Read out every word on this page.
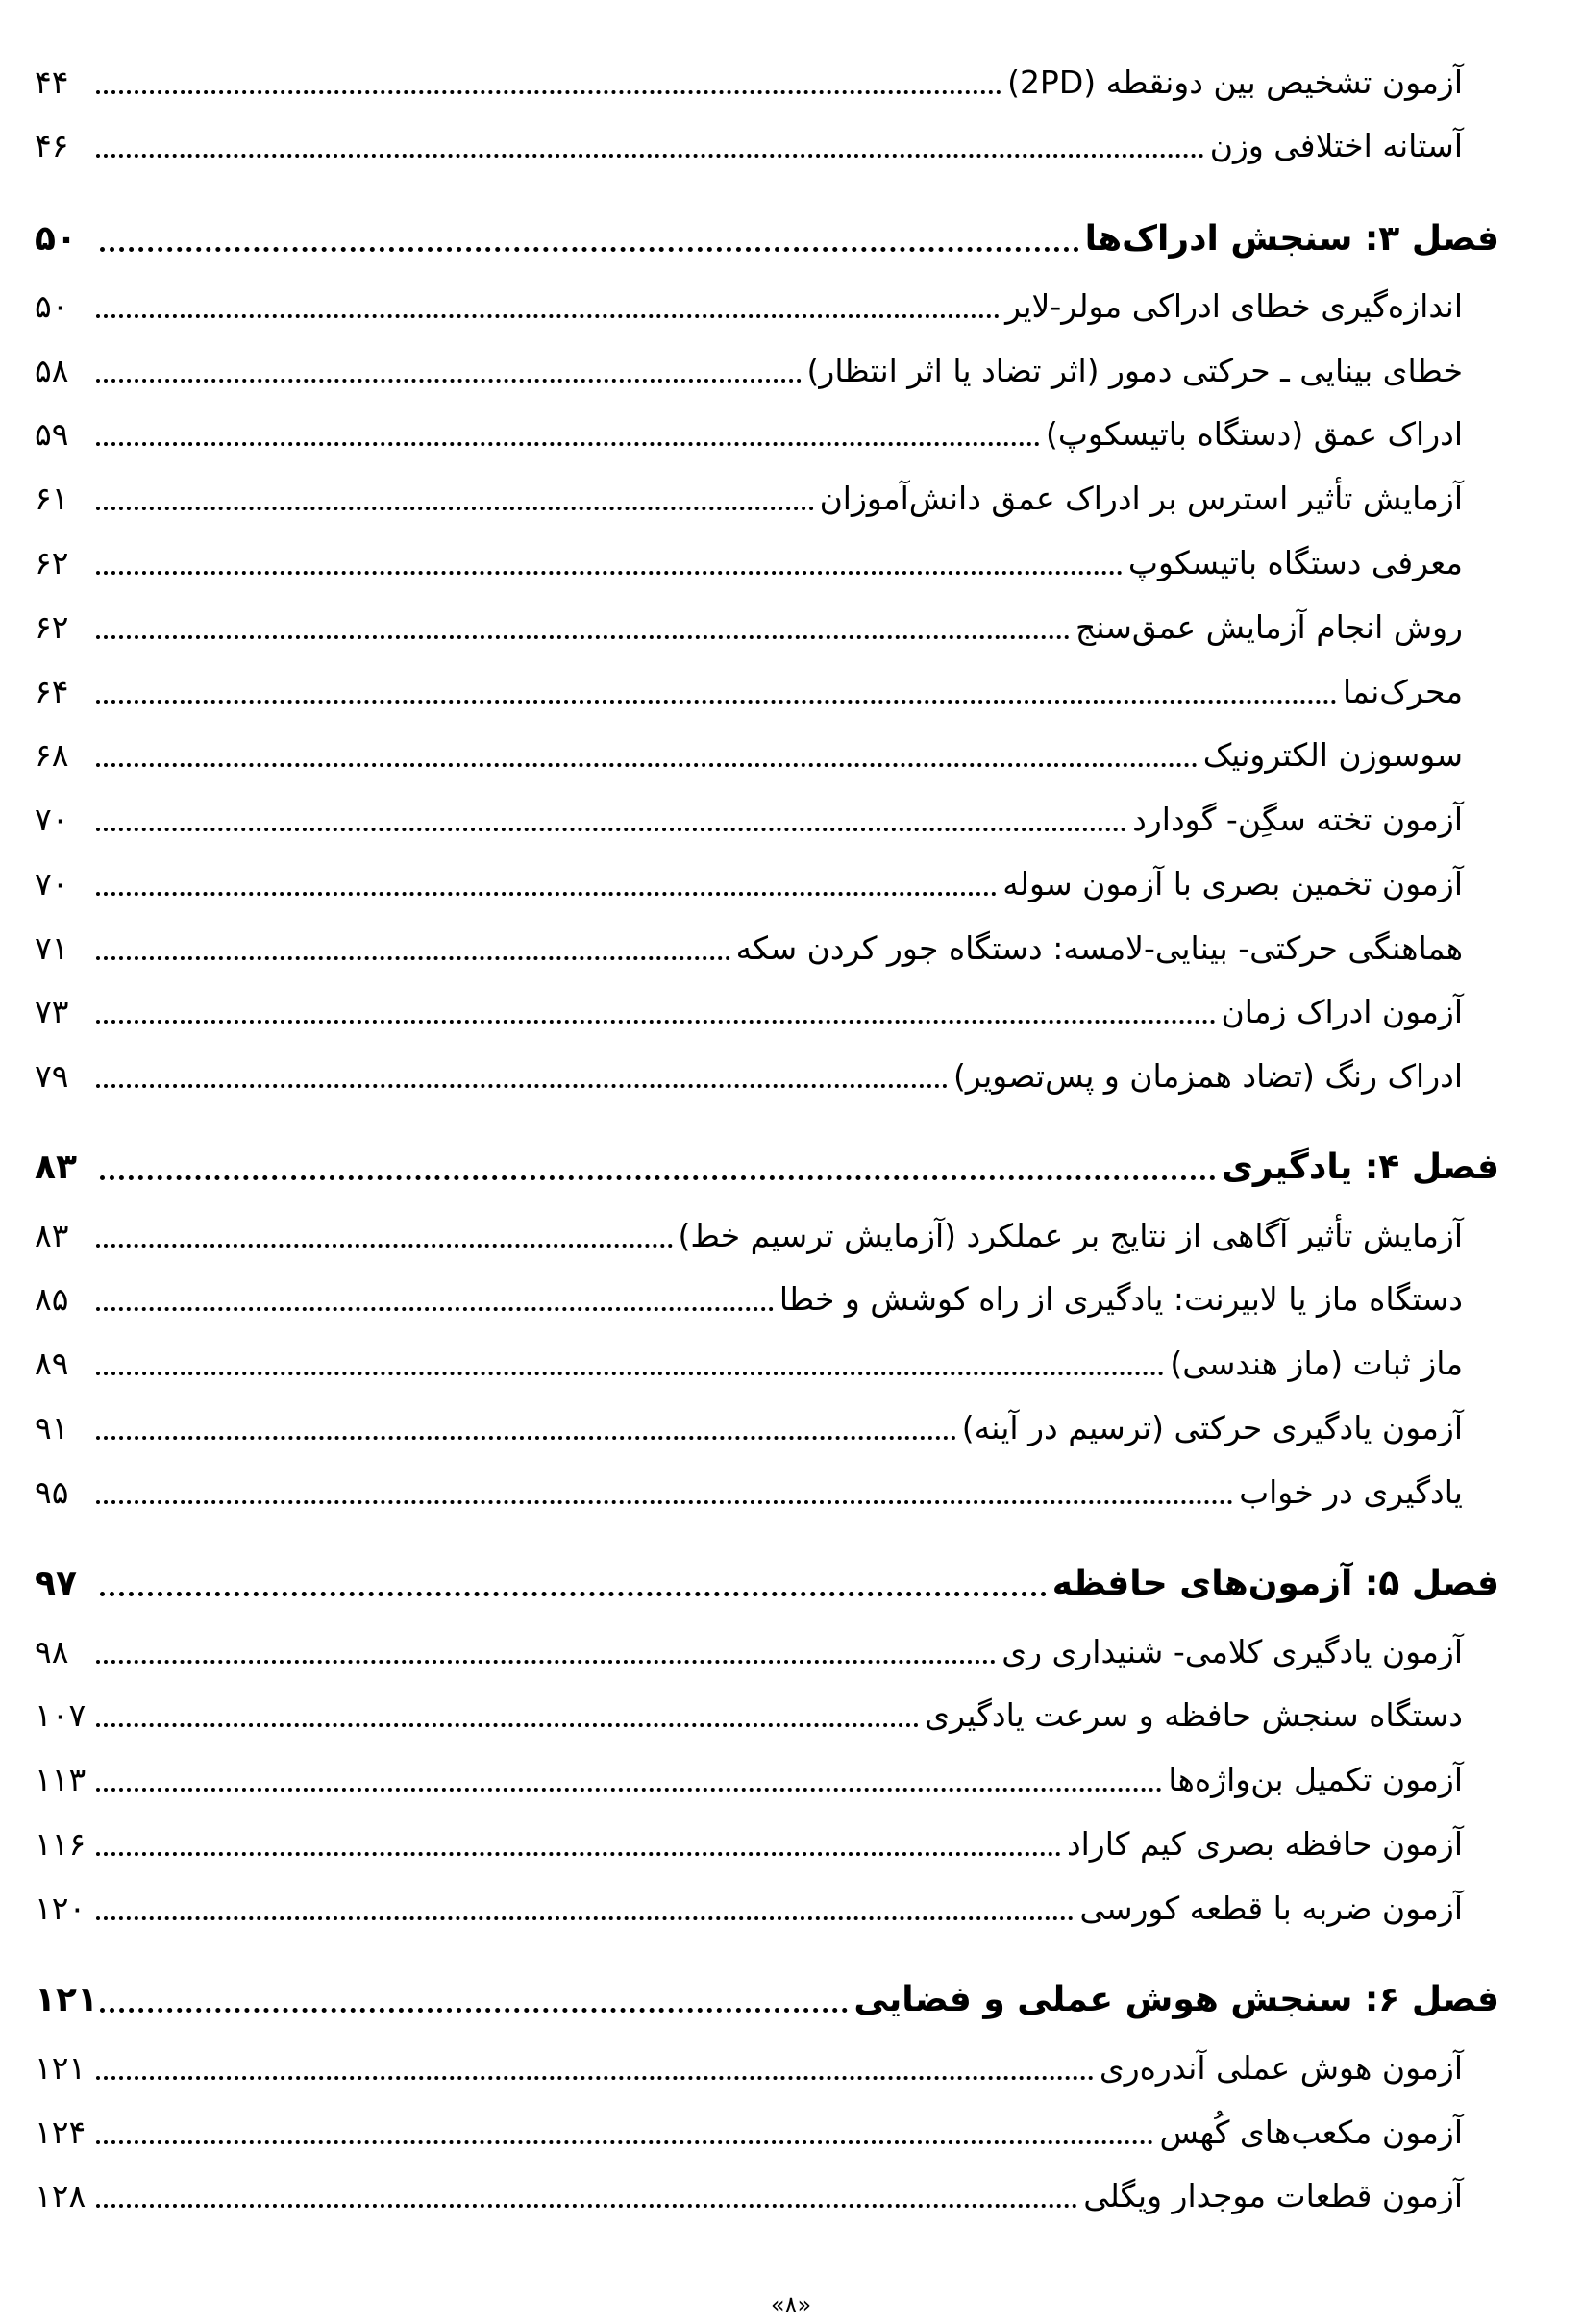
آزمون تشخیص بین دونقطه (2PD)
۴۴
آستانه اختلافی وزن
۴۶
فصل ۳: سنجش ادراک‌ها
۵۰
اندازه‌گیری خطای ادراکی مولر-لایر
۵۰
خطای بینایی ـ حرکتی دمور (اثر تضاد یا اثر انتظار)
۵۸
ادراک عمق (دستگاه باتیسکوپ)
۵۹
آزمایش تأثیر استرس بر ادراک عمق دانش‌آموزان
۶۱
معرفی دستگاه باتیسکوپ
۶۲
روش انجام آزمایش عمق‌سنج
۶۲
محرک‌نما
۶۴
سوسوزن الکترونیک
۶۸
آزمون تخته سگِن- گودارد
۷۰
آزمون تخمین بصری با آزمون سوله
۷۰
هماهنگی حرکتی- بینایی-لامسه: دستگاه جور کردن سکه
۷۱
آزمون ادراک زمان
۷۳
ادراک رنگ (تضاد همزمان و پس‌تصویر)
۷۹
فصل ۴: یادگیری
۸۳
آزمایش تأثیر آگاهی از نتایج بر عملکرد (آزمایش ترسیم خط)
۸۳
دستگاه ماز یا لابیرنت: یادگیری از راه کوشش و خطا
۸۵
ماز ثبات (ماز هندسی)
۸۹
آزمون یادگیری حرکتی (ترسیم در آینه)
۹۱
یادگیری در خواب
۹۵
فصل ۵: آزمون‌های حافظه
۹۷
آزمون یادگیری کلامی- شنیداری ری
۹۸
دستگاه سنجش حافظه و سرعت یادگیری
۱۰۷
آزمون تکمیل بن‌واژه‌ها
۱۱۳
آزمون حافظه بصری کیم کاراد
۱۱۶
آزمون ضربه با قطعه کورسی
۱۲۰
فصل ۶: سنجش هوش عملی و فضایی
۱۲۱
آزمون هوش عملی آندره‌ری
۱۲۱
آزمون مکعب‌های کُهس
۱۲۴
آزمون قطعات موجدار ویگلی
۱۲۸
«۸»
